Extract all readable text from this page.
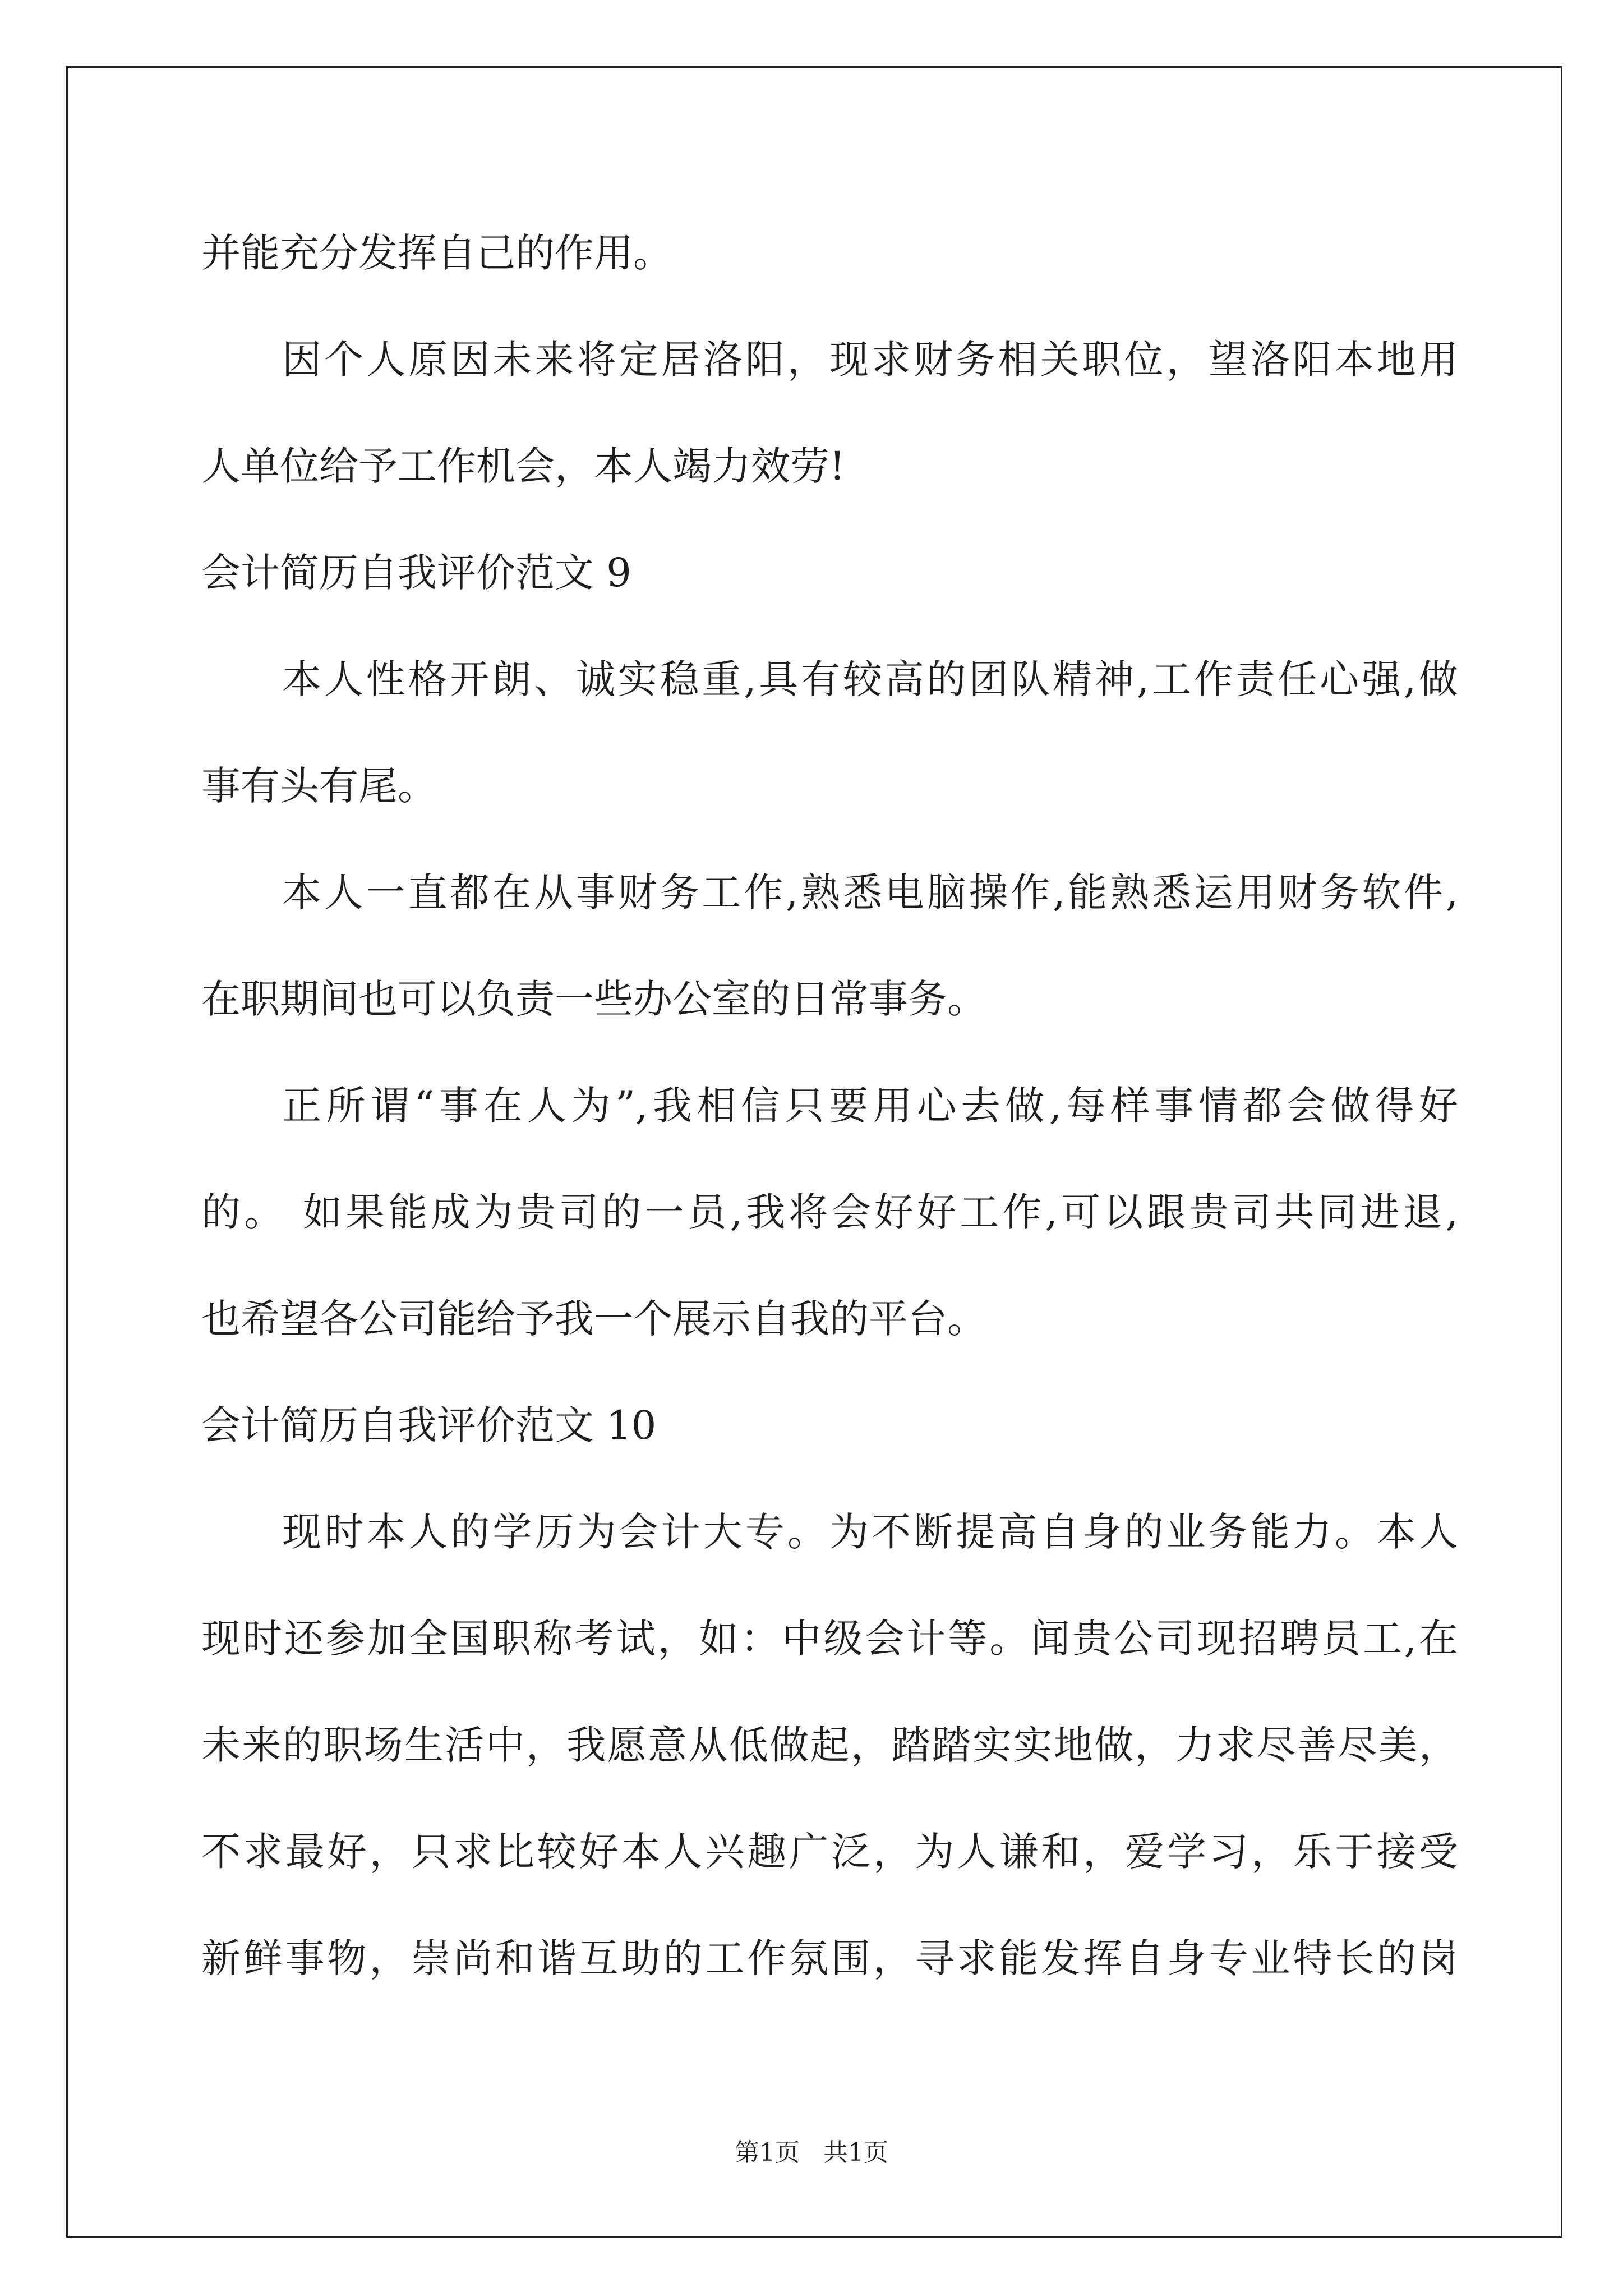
并能充分发挥自己的作用。
因个人原因未来将定居洛阳，现求财务相关职位，望洛阳本地用
人单位给予工作机会，本人竭力效劳!
会计简历自我评价范文 9
本人性格开朗、诚实稳重,具有较高的团队精神,工作责任心强,做
事有头有尾。
本人一直都在从事财务工作,熟悉电脑操作,能熟悉运用财务软件,
在职期间也可以负责一些办公室的日常事务。
正所谓“事在人为”,我相信只要用心去做,每样事情都会做得好
的。 如果能成为贵司的一员,我将会好好工作,可以跟贵司共同进退,
也希望各公司能给予我一个展示自我的平台。
会计简历自我评价范文 10
现时本人的学历为会计大专。为不断提高自身的业务能力。本人
现时还参加全国职称考试，如：中级会计等。闻贵公司现招聘员工,在
未来的职场生活中，我愿意从低做起，踏踏实实地做，力求尽善尽美，
不求最好，只求比较好本人兴趣广泛，为人谦和，爱学习，乐于接受
新鲜事物，崇尚和谐互助的工作氛围，寻求能发挥自身专业特长的岗
第1页   共1页
